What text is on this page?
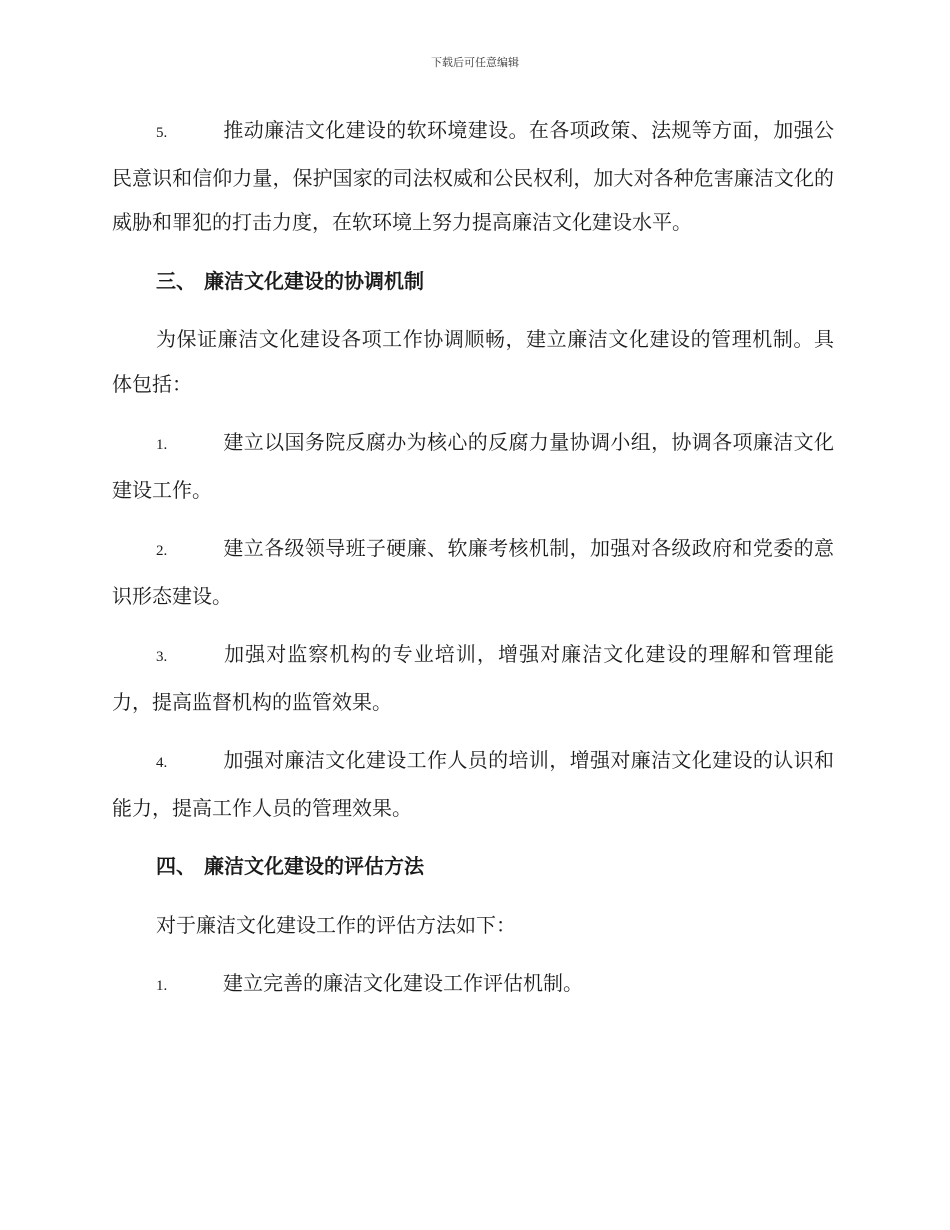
下载后可任意编辑

5.	推动廉洁文化建设的软环境建设。在各项政策、法规等方面，加强公民意识和信仰力量，保护国家的司法权威和公民权利，加大对各种危害廉洁文化的威胁和罪犯的打击力度，在软环境上努力提高廉洁文化建设水平。

三、 廉洁文化建设的协调机制

为保证廉洁文化建设各项工作协调顺畅，建立廉洁文化建设的管理机制。具体包括：

1.	建立以国务院反腐办为核心的反腐力量协调小组，协调各项廉洁文化建设工作。

2.	建立各级领导班子硬廉、软廉考核机制，加强对各级政府和党委的意识形态建设。

3.	加强对监察机构的专业培训，增强对廉洁文化建设的理解和管理能力，提高监督机构的监管效果。

4.	加强对廉洁文化建设工作人员的培训，增强对廉洁文化建设的认识和能力，提高工作人员的管理效果。

四、 廉洁文化建设的评估方法

对于廉洁文化建设工作的评估方法如下：

1.	建立完善的廉洁文化建设工作评估机制。
